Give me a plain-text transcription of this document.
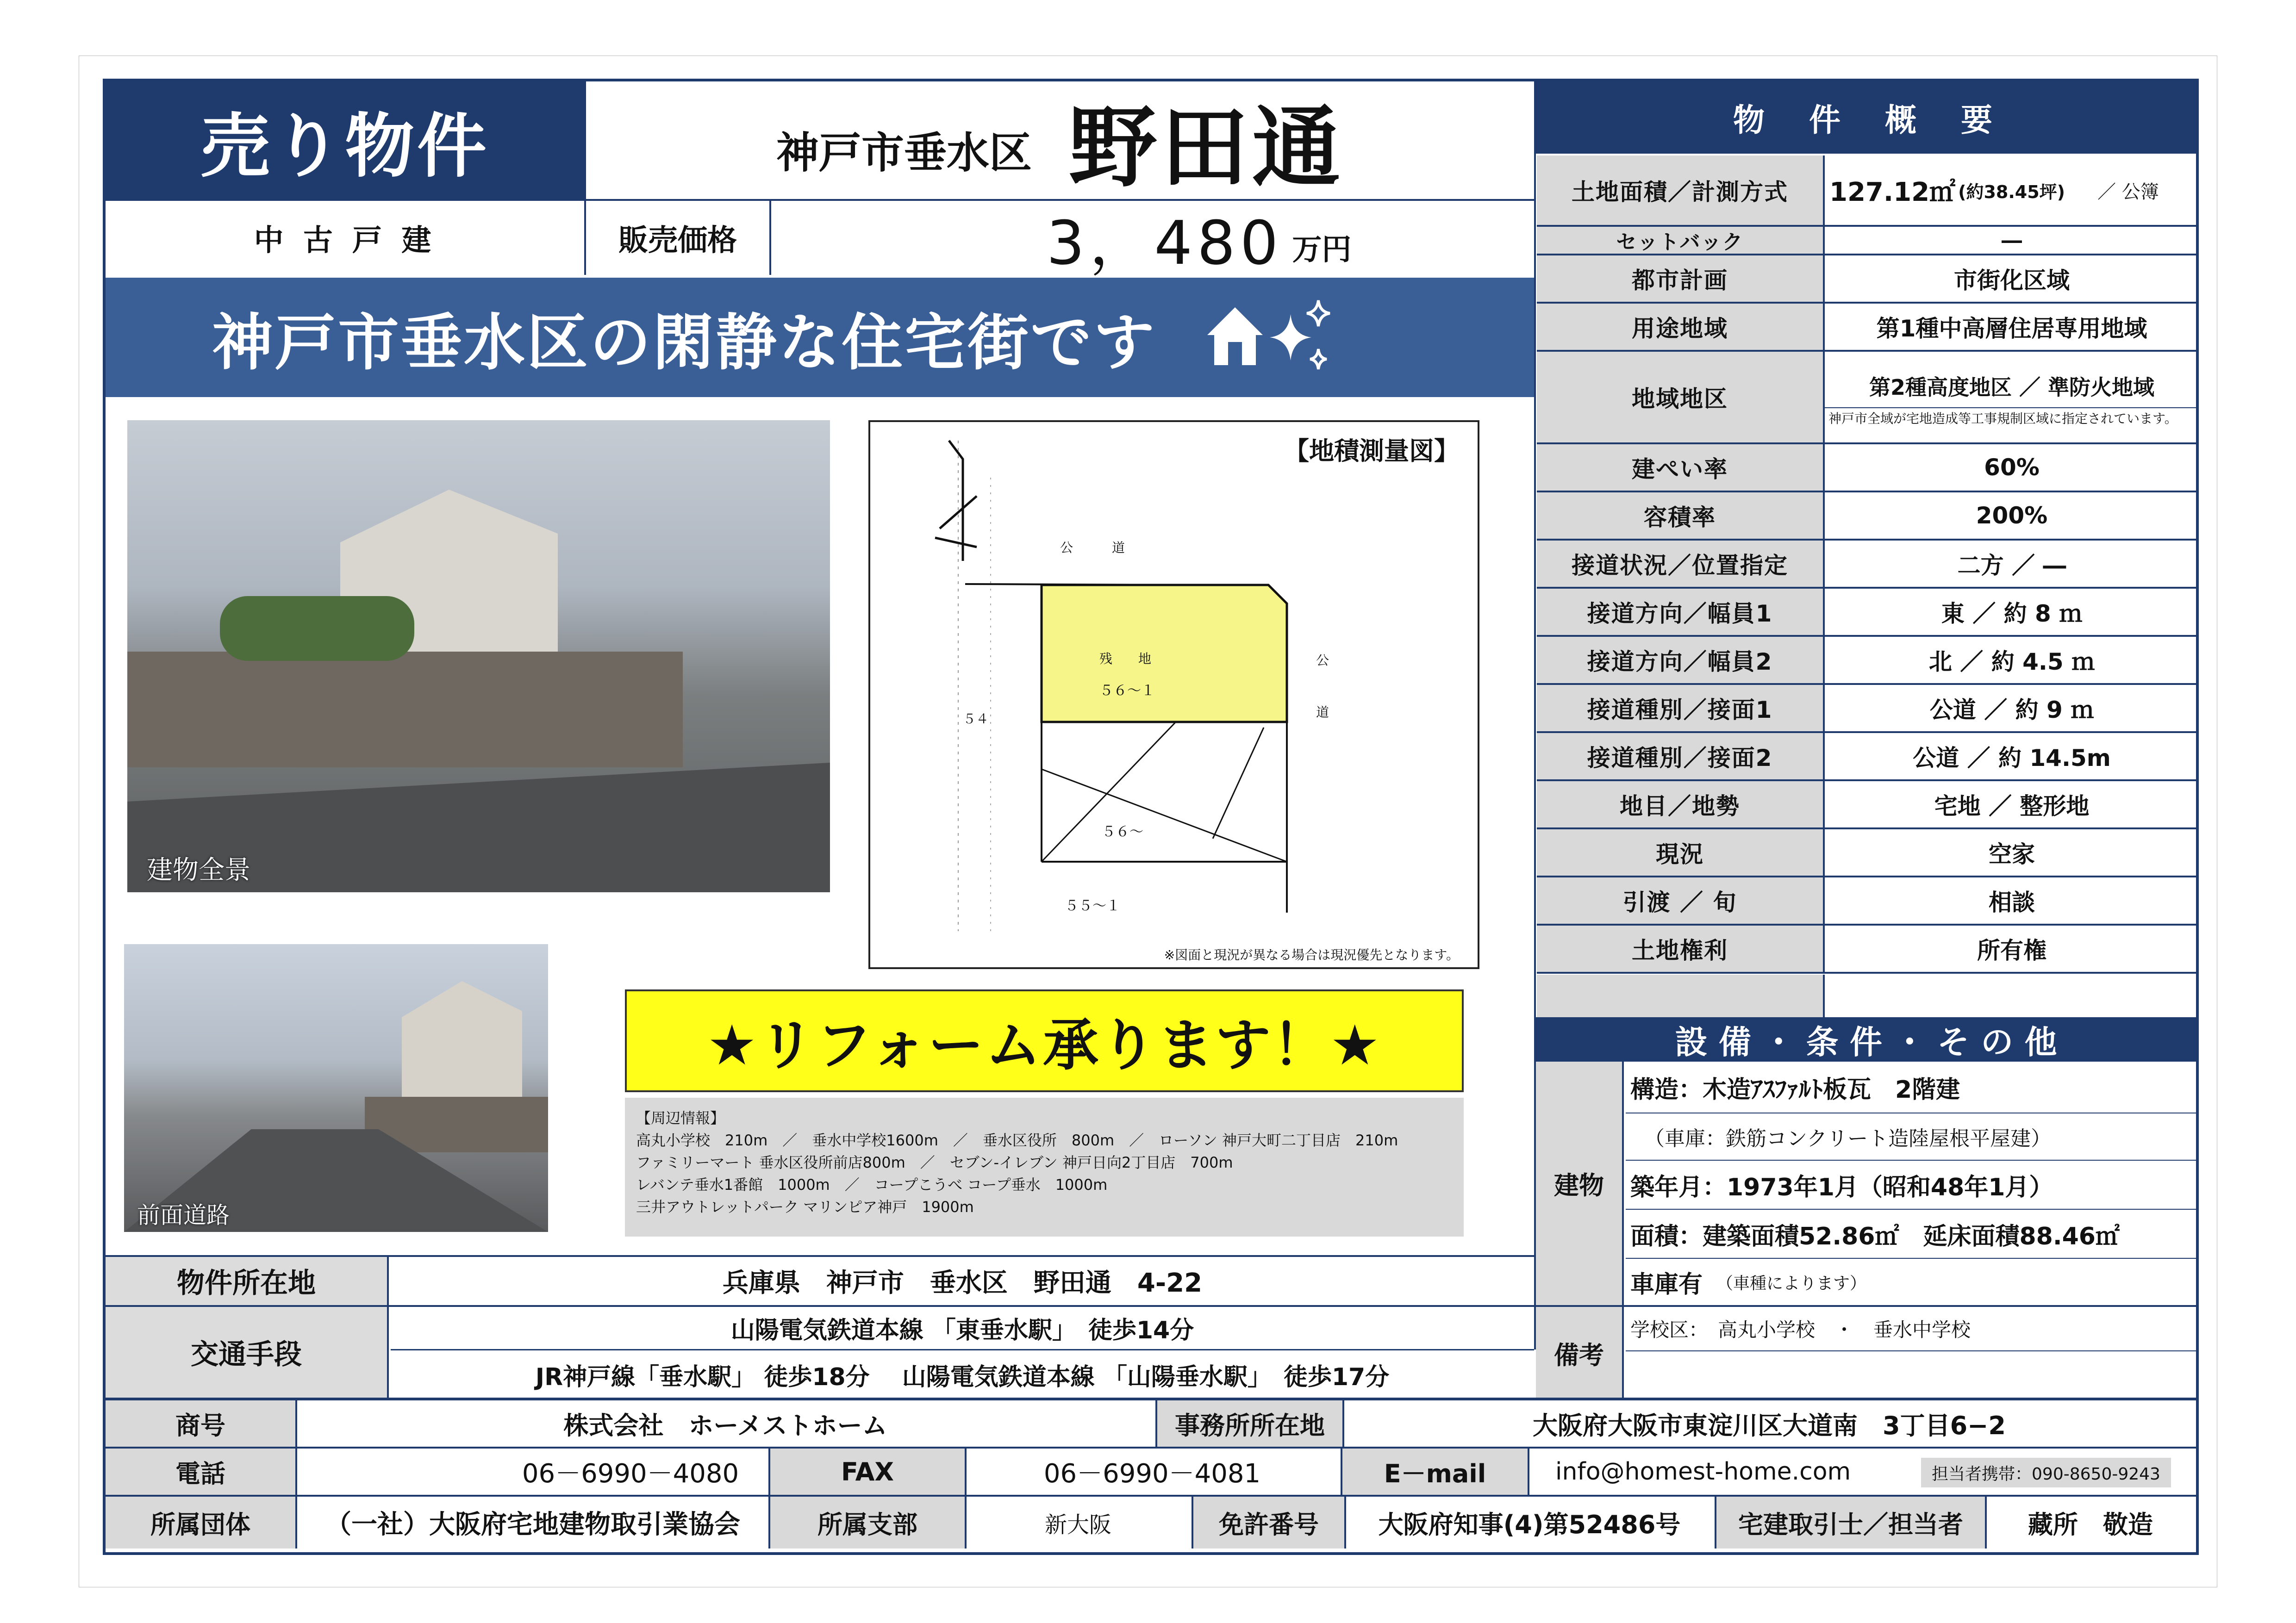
売り物件	神戸市垂水区 野田通
中 古 戸 建	販売価格	3，480 万円
神戸市垂水区の閑静な住宅街です
建物全景
前面道路
【地積測量図】
公　　　道
公　　　道
残　　地
５６〜１
５４
５６〜
５５〜１
※図面と現況が異なる場合は現況優先となります。
★リフォーム承ります！★
【周辺情報】
高丸小学校　210m　／　垂水中学校1600m　／　垂水区役所　800m　／　ローソン 神戸大町二丁目店　210m
ファミリーマート 垂水区役所前店800m　／　セブン-イレブン 神戸日向2丁目店　700m
レバンテ垂水1番館　1000m　／　コープこうべ コープ垂水　1000m
三井アウトレットパーク マリンピア神戸　1900m
物　件　概　要
土地面積／計測方式	127.12㎡ (約38.45坪) ／ 公簿
セットバック	―
都市計画	市街化区域
用途地域	第1種中高層住居専用地域
地域地区	第2種高度地区 ／ 準防火地域
神戸市全域が宅地造成等工事規制区域に指定されています。
建ぺい率	60%
容積率	200%
接道状況／位置指定	二方 ／ ―
接道方向／幅員1	東 ／ 約 8 ｍ
接道方向／幅員2	北 ／ 約 4.5 ｍ
接道種別／接面1	公道 ／ 約 9 ｍ
接道種別／接面2	公道 ／ 約 14.5m
地目／地勢	宅地 ／ 整形地
現況	空家
引渡 ／ 旬	相談
土地権利	所有権
設 備 ・ 条 件 ・ そ の 他
建物
構造：木造ｱｽﾌｧﾙﾄ板瓦　2階建
（車庫：鉄筋コンクリート造陸屋根平屋建）
築年月：1973年1月（昭和48年1月）
面積：建築面積52.86㎡　延床面積88.46㎡
車庫有 （車種によります）
備考
学校区：　高丸小学校　・　垂水中学校
物件所在地	兵庫県　神戸市　垂水区　野田通　4-22
交通手段
山陽電気鉄道本線 「東垂水駅」　徒歩14分
JR神戸線「垂水駅」 徒歩18分　 山陽電気鉄道本線 「山陽垂水駅」　徒歩17分
商号	株式会社　ホーメストホーム	事務所所在地	大阪府大阪市東淀川区大道南　3丁目6−2
電話	06－6990－4080	FAX	06－6990－4081	E－mail	info@homest-home.com	担当者携帯：090-8650-9243
所属団体	（一社）大阪府宅地建物取引業協会	所属支部	新大阪	免許番号	大阪府知事(4)第52486号	宅建取引士／担当者	藏所　敬造
